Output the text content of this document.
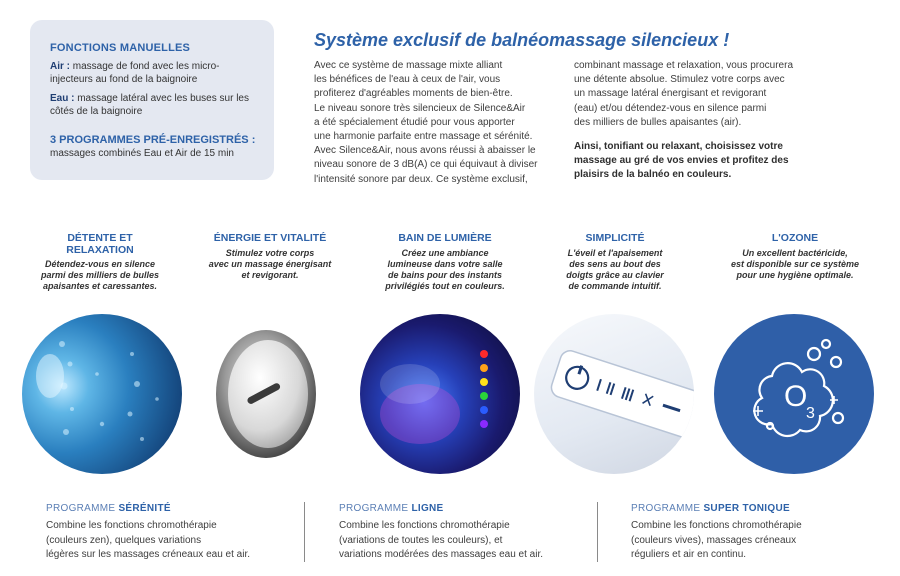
FONCTIONS MANUELLES
Air : massage de fond avec les micro-injecteurs au fond de la baignoire
Eau : massage latéral avec les buses sur les côtés de la baignoire
3 PROGRAMMES PRÉ-ENREGISTRÉS :
massages combinés Eau et Air de 15 min
Système exclusif de balnéomassage silencieux !
Avec ce système de massage mixte alliant
les bénéfices de l'eau à ceux de l'air, vous
profiterez d'agréables moments de bien-être.
Le niveau sonore très silencieux de Silence&Air
a été spécialement étudié pour vous apporter
une harmonie parfaite entre massage et sérénité.
Avec Silence&Air, nous avons réussi à abaisser le
niveau sonore de 3 dB(A) ce qui équivaut à diviser
l'intensité sonore par deux. Ce système exclusif,
combinant massage et relaxation, vous procurera
une détente absolue. Stimulez votre corps avec
un massage latéral énergisant et revigorant
(eau) et/ou détendez-vous en silence parmi
des milliers de bulles apaisantes (air).
Ainsi, tonifiant ou relaxant, choisissez votre
massage au gré de vos envies et profitez des
plaisirs de la balnéo en couleurs.
DÉTENTE ET
RELAXATION
Détendez-vous en silence
parmi des milliers de bulles
apaisantes et caressantes.
ÉNERGIE ET VITALITÉ
Stimulez votre corps
avec un massage énergisant
et revigorant.
BAIN DE LUMIÈRE
Créez une ambiance
lumineuse dans votre salle
de bains pour des instants
privilégiés tout en couleurs.
SIMPLICITÉ
L'éveil et l'apaisement
des sens au bout des
doigts grâce au clavier
de commande intuitif.
L'OZONE
Un excellent bactéricide,
est disponible sur ce système
pour une hygiène optimale.
O
3
PROGRAMME SÉRÉNITÉ
Combine les fonctions chromothérapie
(couleurs zen), quelques variations
légères sur les massages créneaux eau et air.
PROGRAMME LIGNE
Combine les fonctions chromothérapie
(variations de toutes les couleurs), et
variations modérées des massages eau et air.
PROGRAMME SUPER TONIQUE
Combine les fonctions chromothérapie
(couleurs vives), massages créneaux
réguliers et air en continu.
